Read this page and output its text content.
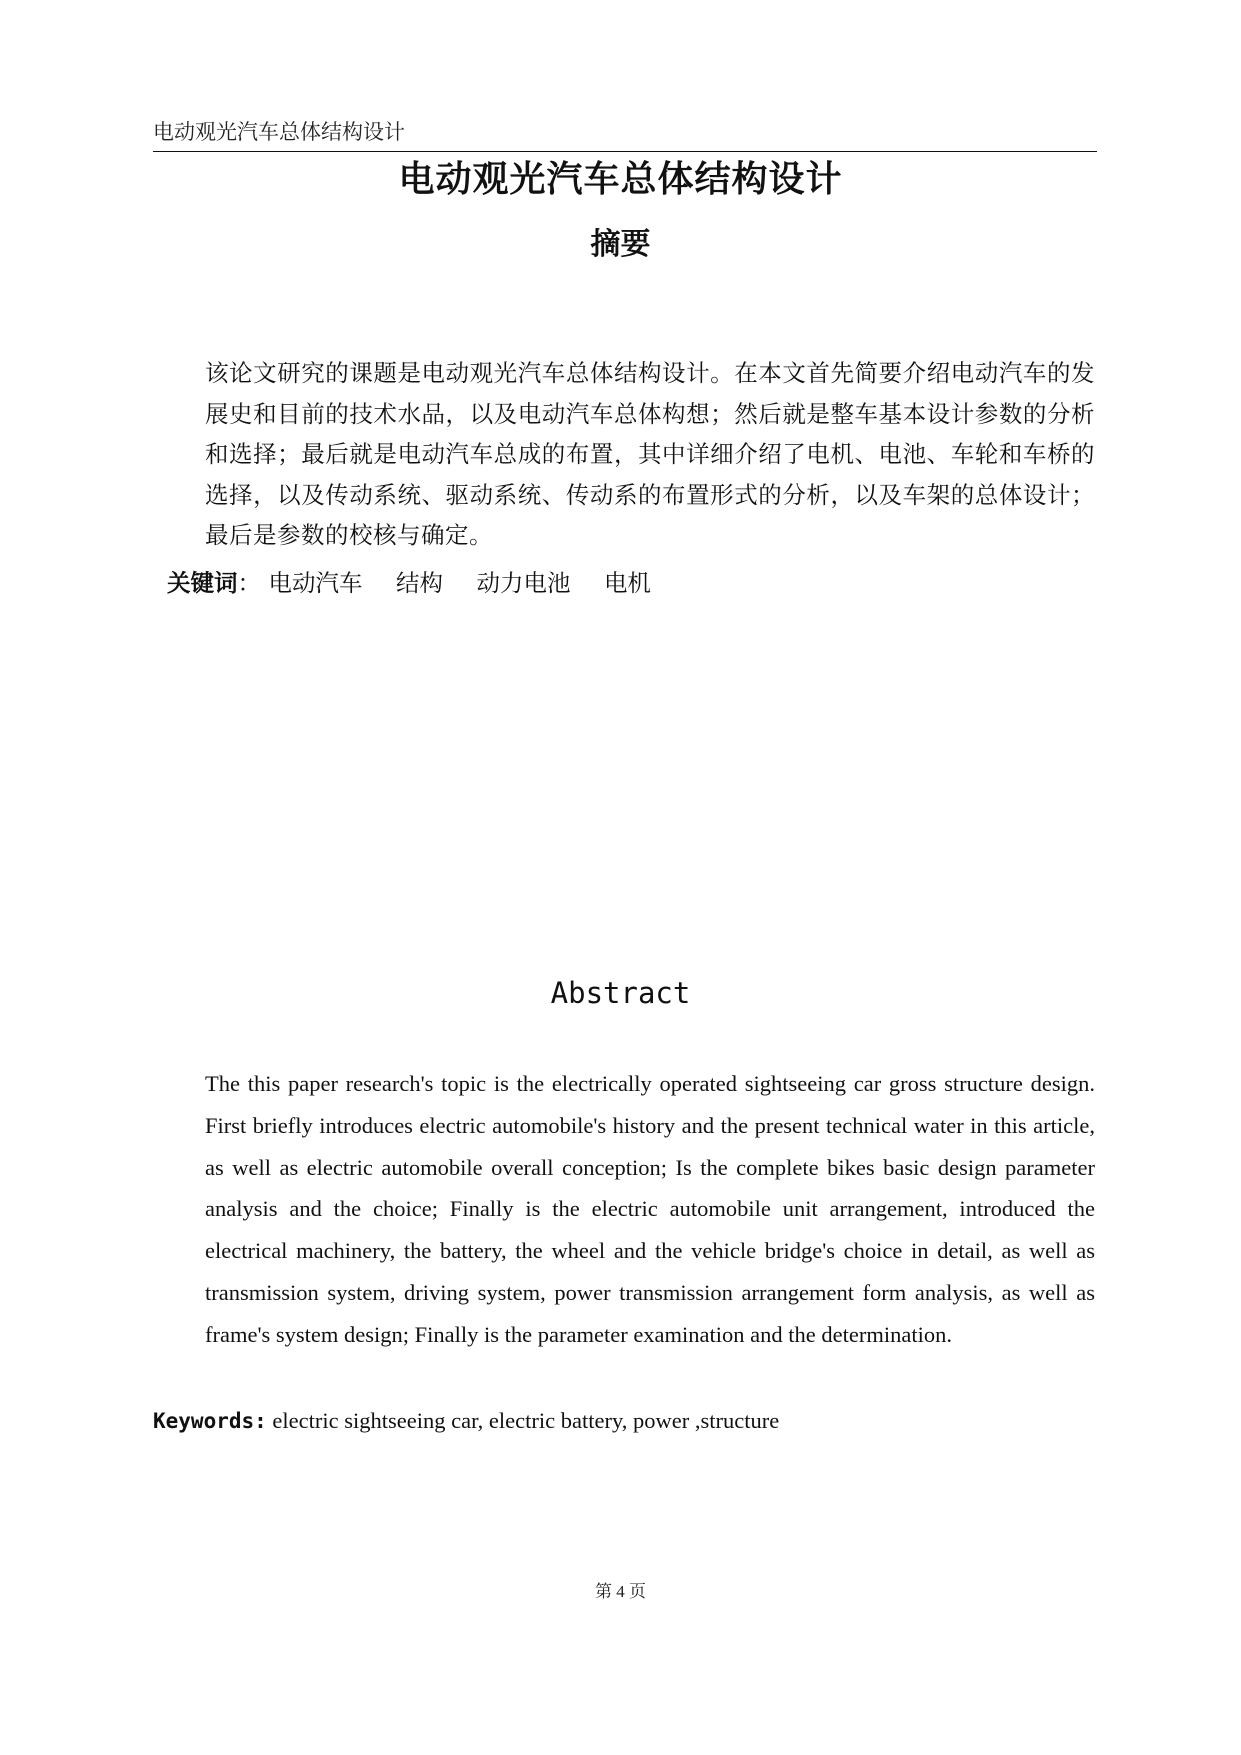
电动观光汽车总体结构设计
电动观光汽车总体结构设计
摘要
该论文研究的课题是电动观光汽车总体结构设计。在本文首先简要介绍电动汽车的发展史和目前的技术水品，以及电动汽车总体构想；然后就是整车基本设计参数的分析和选择；最后就是电动汽车总成的布置，其中详细介绍了电机、电池、车轮和车桥的选择，以及传动系统、驱动系统、传动系的布置形式的分析，以及车架的总体设计；最后是参数的校核与确定。
关键词： 电动汽车 结构 动力电池 电机
Abstract
The this paper research's topic is the electrically operated sightseeing car gross structure design. First briefly introduces electric automobile's history and the present technical water in this article, as well as electric automobile overall conception; Is the complete bikes basic design parameter analysis and the choice; Finally is the electric automobile unit arrangement, introduced the electrical machinery, the battery, the wheel and the vehicle bridge's choice in detail, as well as transmission system, driving system, power transmission arrangement form analysis, as well as frame's system design; Finally is the parameter examination and the determination.
Keywords: electric sightseeing car, electric battery, power ,structure
第 4 页
